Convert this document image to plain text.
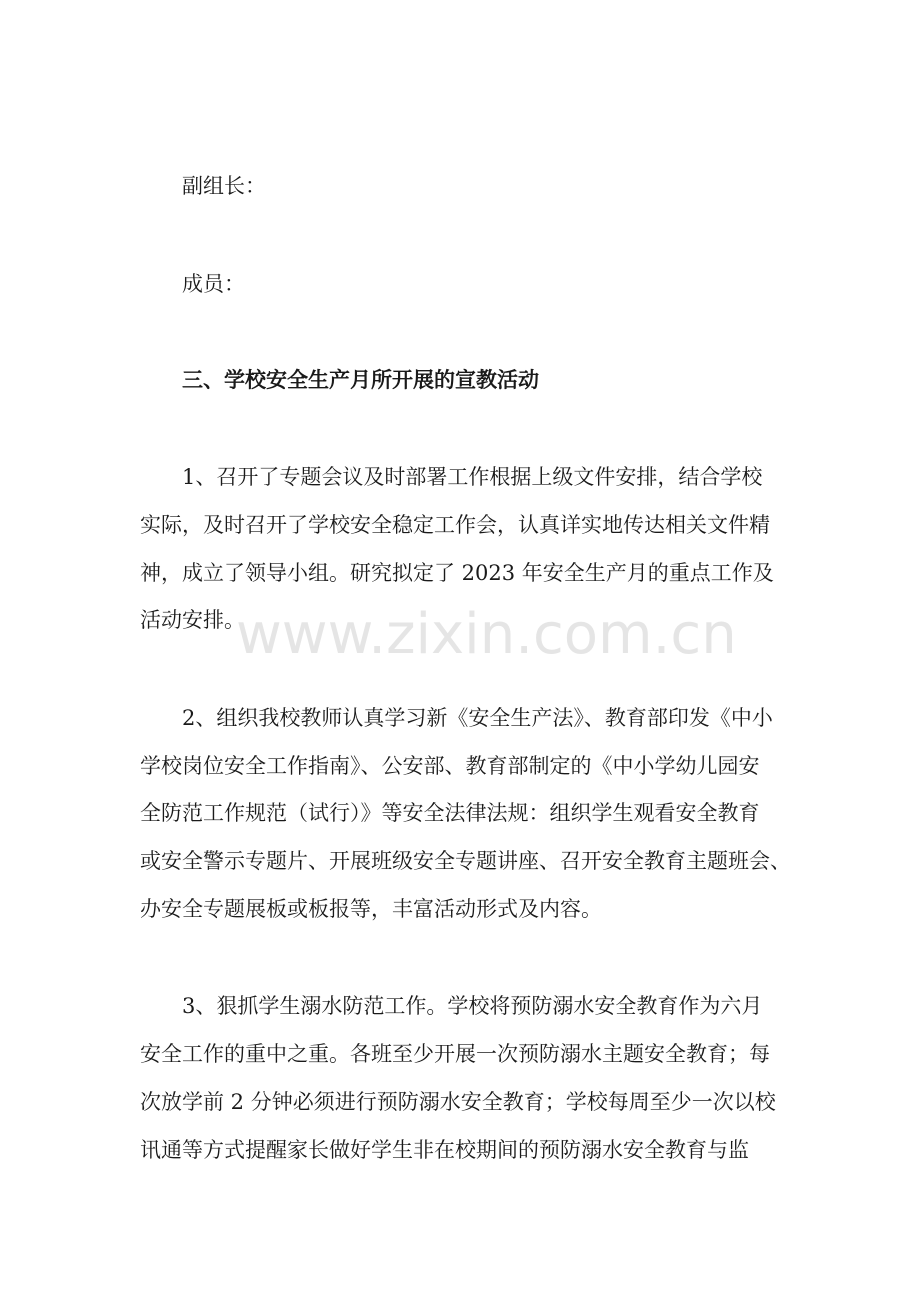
副组长：
成员：
三、学校安全生产月所开展的宣教活动
1、召开了专题会议及时部署工作根据上级文件安排，结合学校
实际，及时召开了学校安全稳定工作会，认真详实地传达相关文件精
神，成立了领导小组。研究拟定了 2023 年安全生产月的重点工作及
活动安排。
2、组织我校教师认真学习新《安全生产法》、教育部印发《中小
学校岗位安全工作指南》、公安部、教育部制定的《中小学幼儿园安
全防范工作规范（试行）》等安全法律法规：组织学生观看安全教育
或安全警示专题片、开展班级安全专题讲座、召开安全教育主题班会、
办安全专题展板或板报等，丰富活动形式及内容。
3、狠抓学生溺水防范工作。学校将预防溺水安全教育作为六月
安全工作的重中之重。各班至少开展一次预防溺水主题安全教育；每
次放学前 2 分钟必须进行预防溺水安全教育；学校每周至少一次以校
讯通等方式提醒家长做好学生非在校期间的预防溺水安全教育与监
www.zixin.com.cn
